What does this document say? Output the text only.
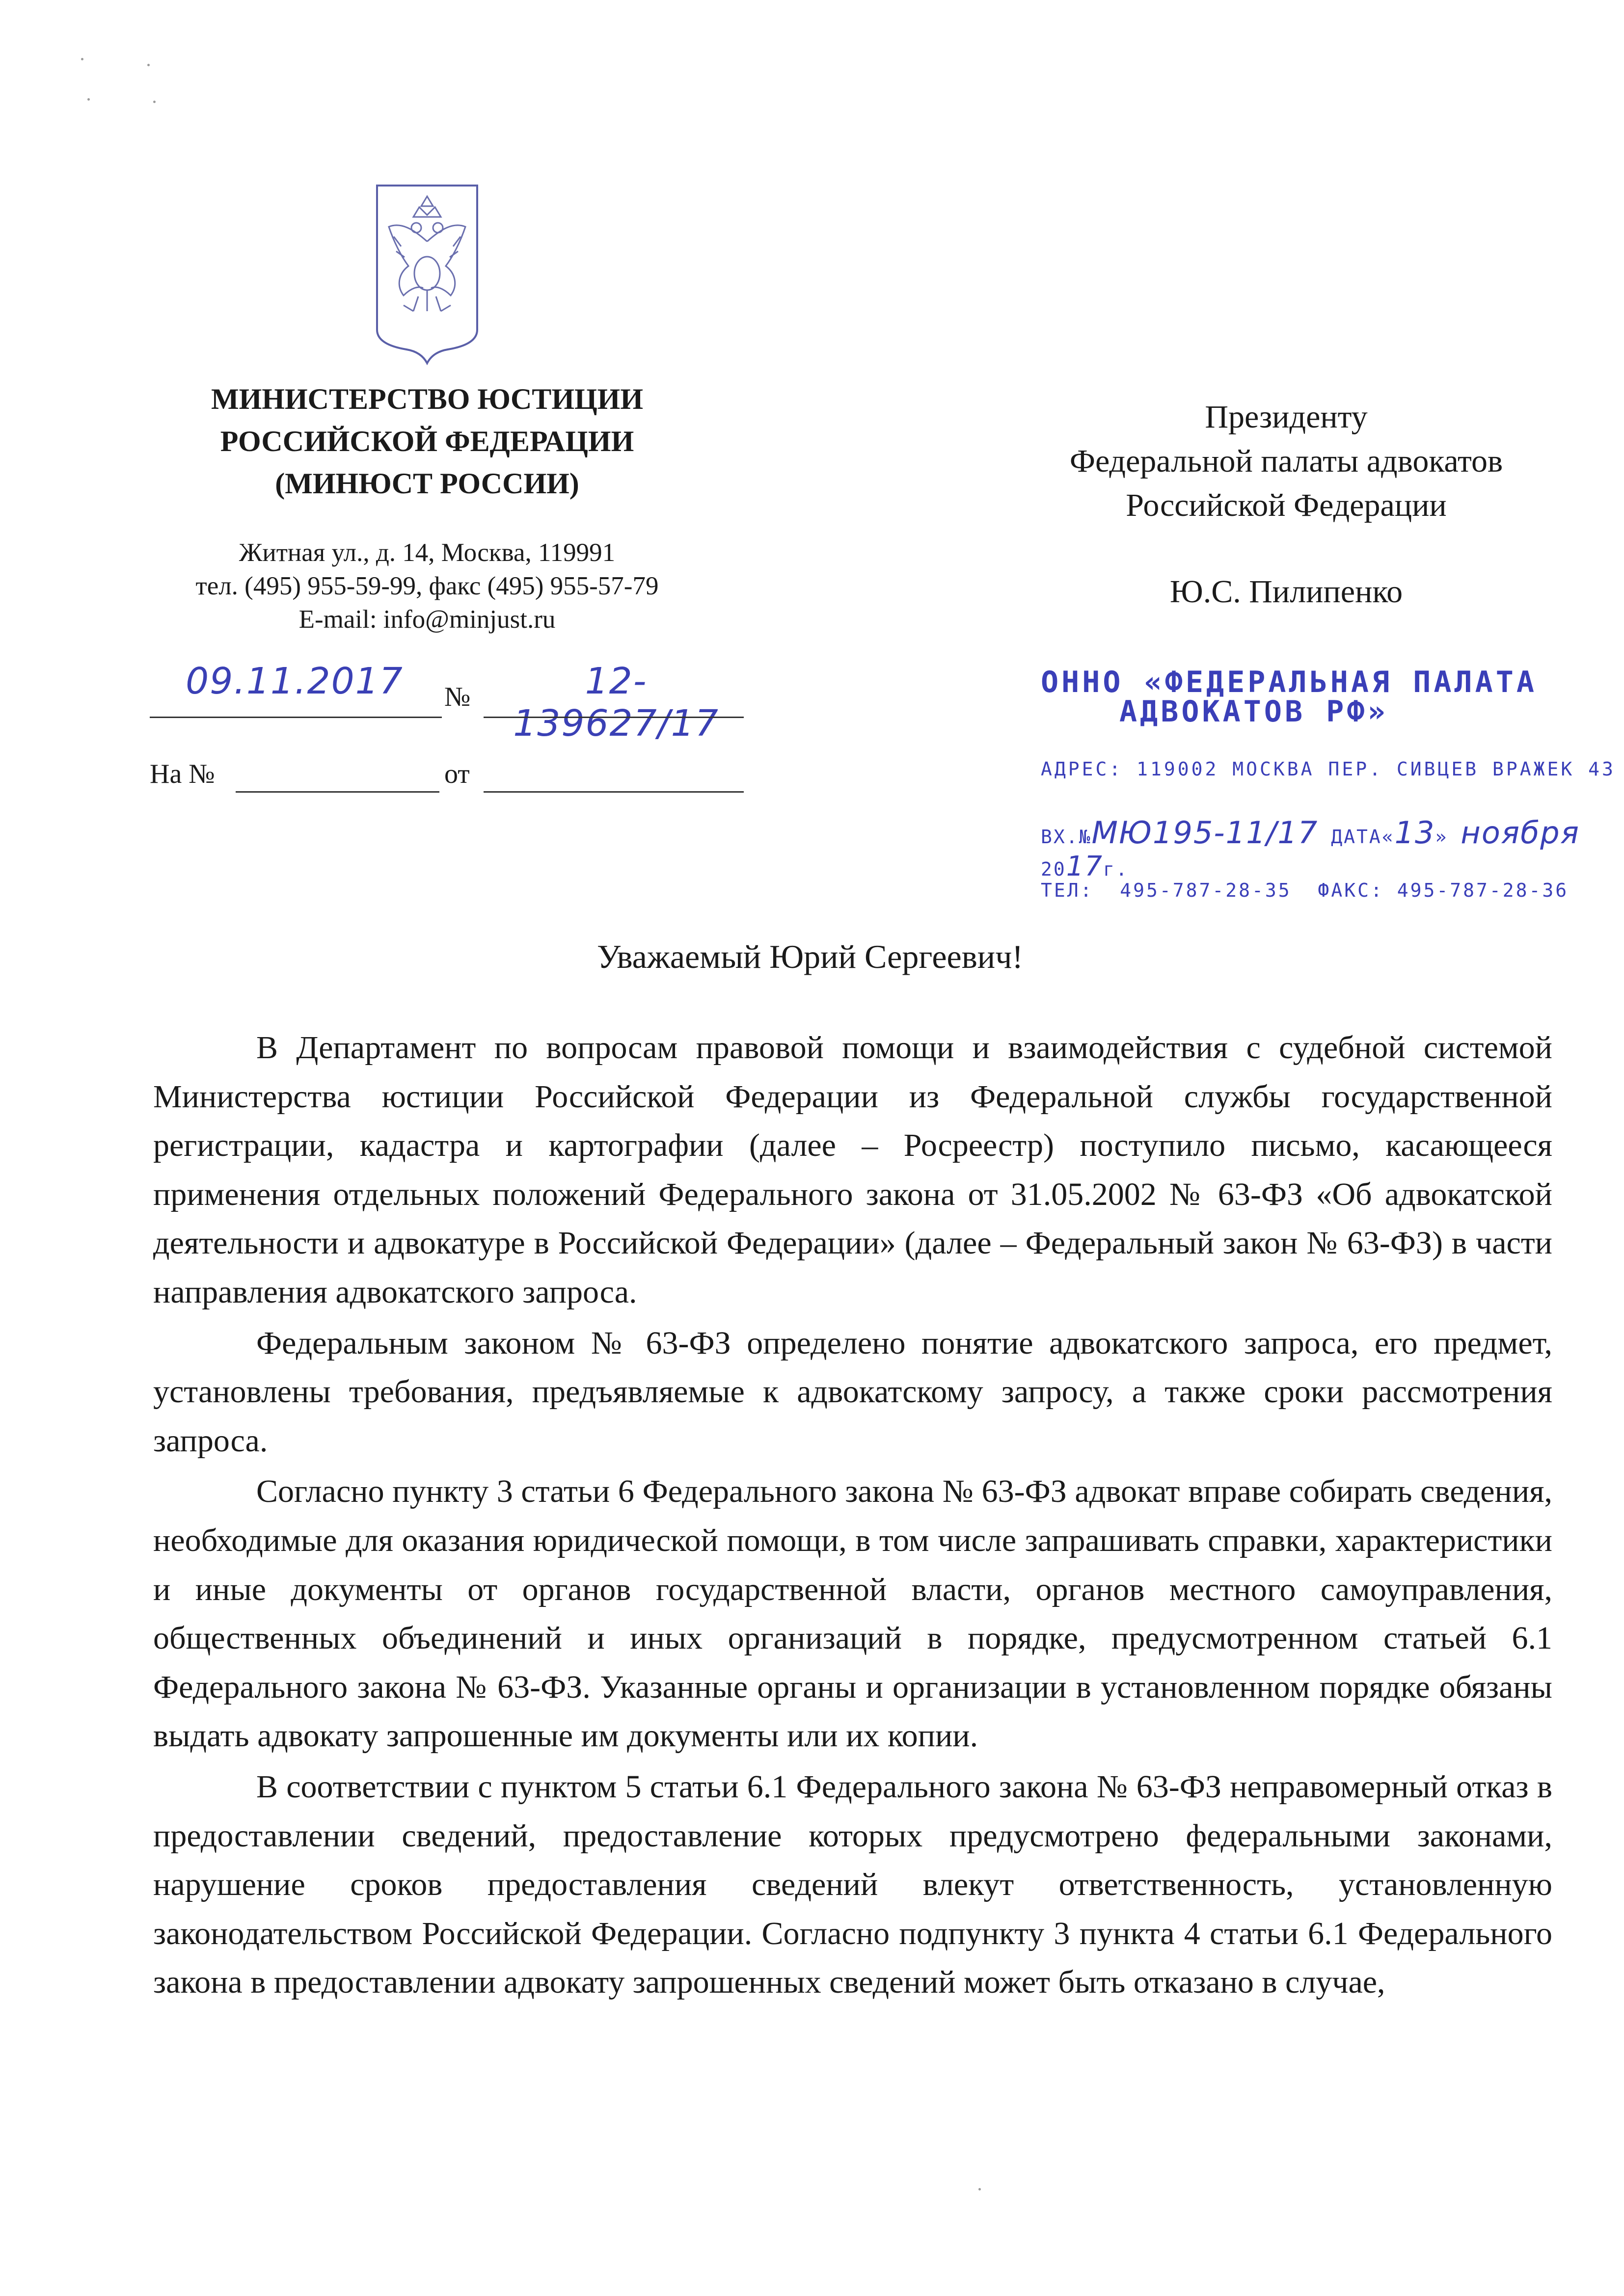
МИНИСТЕРСТВО ЮСТИЦИИ
РОССИЙСКОЙ ФЕДЕРАЦИИ
(МИНЮСТ РОССИИ)
Житная ул., д. 14, Москва, 119991
тел. (495) 955-59-99, факс (495) 955-57-79
E-mail: info@minjust.ru
09.11.2017	№	12-139627/17
На №	от
Президенту
Федеральной палаты адвокатов
Российской Федерации
Ю.С. Пилипенко
ОННО «ФЕДЕРАЛЬНАЯ ПАЛАТА
АДВОКАТОВ РФ»
АДРЕС: 119002 МОСКВА ПЕР. СИВЦЕВ ВРАЖЕК 43
ВХ.№МЮ195-11/17 ДАТА«13» ноября 2017г.
ТЕЛ:  495-787-28-35  ФАКС: 495-787-28-36
Уважаемый Юрий Сергеевич!

В Департамент по вопросам правовой помощи и взаимодействия с судебной системой Министерства юстиции Российской Федерации из Федеральной службы государственной регистрации, кадастра и картографии (далее – Росреестр) поступило письмо, касающееся применения отдельных положений Федерального закона от 31.05.2002 № 63-ФЗ «Об адвокатской деятельности и адвокатуре в Российской Федерации» (далее – Федеральный закон № 63-ФЗ) в части направления адвокатского запроса.

Федеральным законом № 63-ФЗ определено понятие адвокатского запроса, его предмет, установлены требования, предъявляемые к адвокатскому запросу, а также сроки рассмотрения запроса.

Согласно пункту 3 статьи 6 Федерального закона № 63-ФЗ адвокат вправе собирать сведения, необходимые для оказания юридической помощи, в том числе запрашивать справки, характеристики и иные документы от органов государственной власти, органов местного самоуправления, общественных объединений и иных организаций в порядке, предусмотренном статьей 6.1 Федерального закона № 63-ФЗ. Указанные органы и организации в установленном порядке обязаны выдать адвокату запрошенные им документы или их копии.

В соответствии с пунктом 5 статьи 6.1 Федерального закона № 63-ФЗ неправомерный отказ в предоставлении сведений, предоставление которых предусмотрено федеральными законами, нарушение сроков предоставления сведений влекут ответственность, установленную законодательством Российской Федерации. Согласно подпункту 3 пункта 4 статьи 6.1 Федерального закона в предоставлении адвокату запрошенных сведений может быть отказано в случае,
